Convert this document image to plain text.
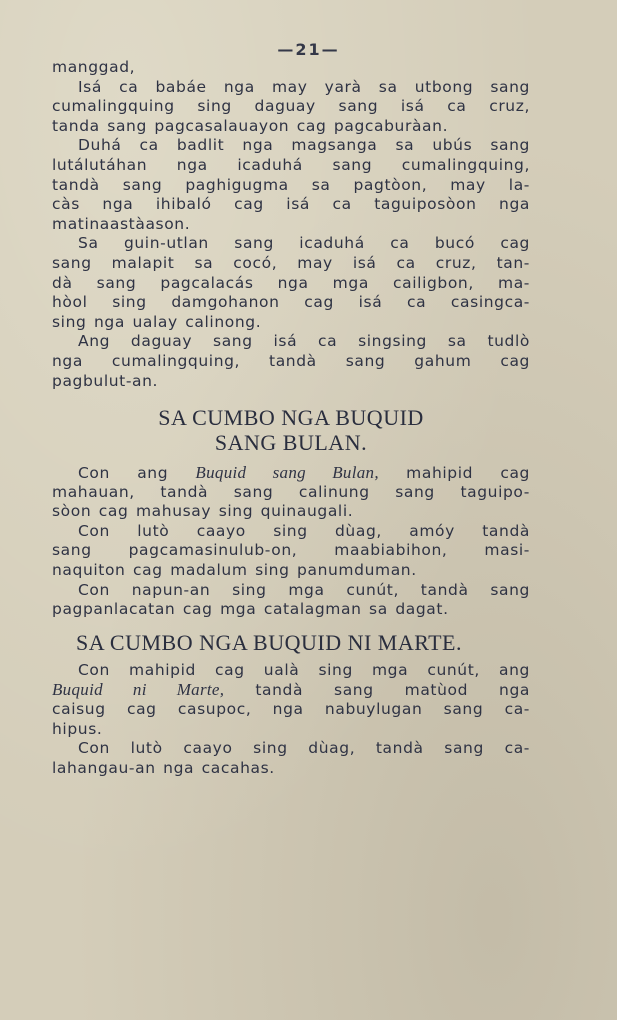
—21—
manggad,
Isá ca babáe nga may yarà sa utbong sang
cumalingquing sing daguay sang isá ca cruz,
tanda sang pagcasalauayon cag pagcaburàan.
Duhá ca badlit nga magsanga sa ubús sang
lutálutáhan nga icaduhá sang cumalingquing,
tandà sang paghigugma sa pagtòon, may la-
càs nga ihibaló cag isá ca taguiposòon nga
matinaastàason.
Sa guin-utlan sang icaduhá ca bucó cag
sang malapit sa cocó, may isá ca cruz, tan-
dà sang pagcalacás nga mga cailigbon, ma-
hòol sing damgohanon cag isá ca casingca-
sing nga ualay calinong.
Ang daguay sang isá ca singsing sa tudlò
nga cumalingquing, tandà sang gahum cag
pagbulut-an.
SA CUMBO NGA BUQUID
SANG BULAN.
Con ang Buquid sang Bulan, mahipid cag
mahauan, tandà sang calinung sang taguipo-
sòon cag mahusay sing quinaugali.
Con lutò caayo sing dùag, amóy tandà
sang pagcamasinulub-on, maabiabihon, masi-
naquiton cag madalum sing panumduman.
Con napun-an sing mga cunút, tandà sang
pagpanlacatan cag mga catalagman sa dagat.
SA CUMBO NGA BUQUID NI MARTE.
Con mahipid cag ualà sing mga cunút, ang
Buquid ni Marte, tandà sang matùod nga
caisug cag casupoc, nga nabuylugan sang ca-
hipus.
Con lutò caayo sing dùag, tandà sang ca-
lahangau-an nga cacahas.
